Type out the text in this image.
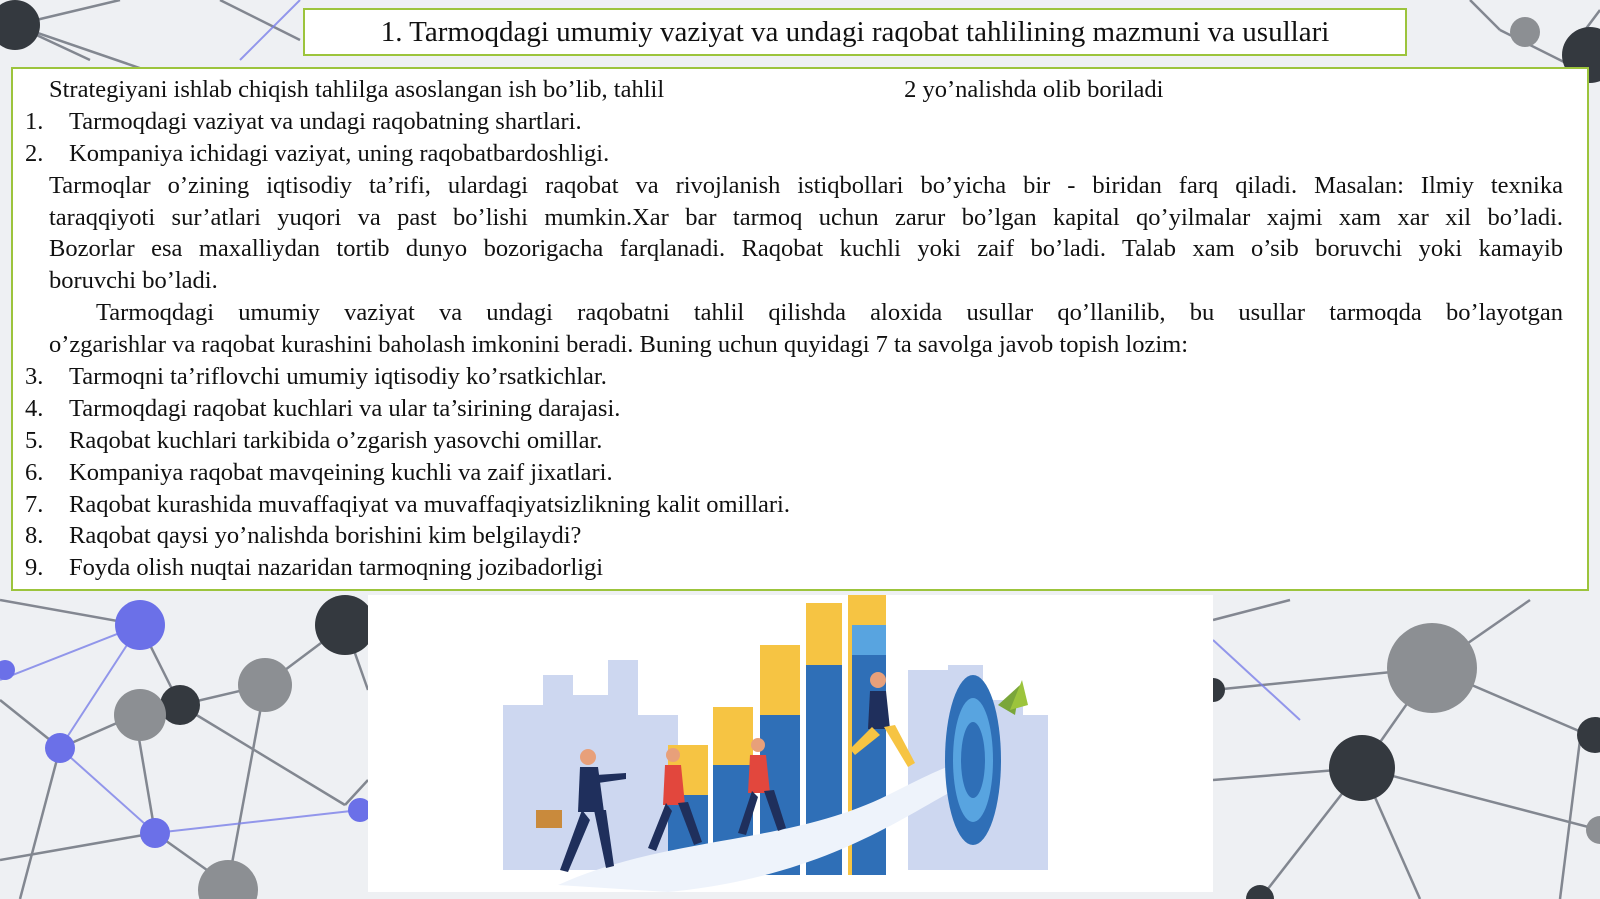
1. Tarmoqdagi umumiy vaziyat va undagi raqobat tahlilining mazmuni va usullari
Strategiyani ishlab chiqish tahlilga asoslangan ish bo’lib, tahlil	2 yo’nalishda olib boriladi
1. Tarmoqdagi vaziyat va undagi raqobatning shartlari.
2. Kompaniya ichidagi vaziyat, uning raqobatbardoshligi.
Tarmoqlar o’zining iqtisodiy ta’rifi, ulardagi raqobat va rivojlanish istiqbollari bo’yicha bir - biridan farq qiladi. Masalan: Ilmiy texnika
taraqqiyoti sur’atlari yuqori va past bo’lishi mumkin.Xar bar tarmoq uchun zarur bo’lgan kapital qo’yilmalar xajmi xam xar xil bo’ladi.
Bozorlar esa maxalliydan tortib dunyo bozorigacha farqlanadi. Raqobat kuchli yoki zaif bo’ladi. Talab xam o’sib boruvchi yoki kamayib
boruvchi bo’ladi.
Tarmoqdagi umumiy vaziyat va undagi raqobatni tahlil qilishda aloxida usullar qo’llanilib, bu usullar tarmoqda bo’layotgan
o’zgarishlar va raqobat kurashini baholash imkonini beradi. Buning uchun quyidagi 7 ta savolga javob topish lozim:
3. Tarmoqni ta’riflovchi umumiy iqtisodiy ko’rsatkichlar.
4. Tarmoqdagi raqobat kuchlari va ular ta’sirining darajasi.
5. Raqobat kuchlari tarkibida o’zgarish yasovchi omillar.
6. Kompaniya raqobat mavqeining kuchli va zaif jixatlari.
7. Raqobat kurashida muvaffaqiyat va muvaffaqiyatsizlikning kalit omillari.
8. Raqobat qaysi yo’nalishda borishini kim belgilaydi?
9. Foyda olish nuqtai nazaridan tarmoqning jozibadorligi
